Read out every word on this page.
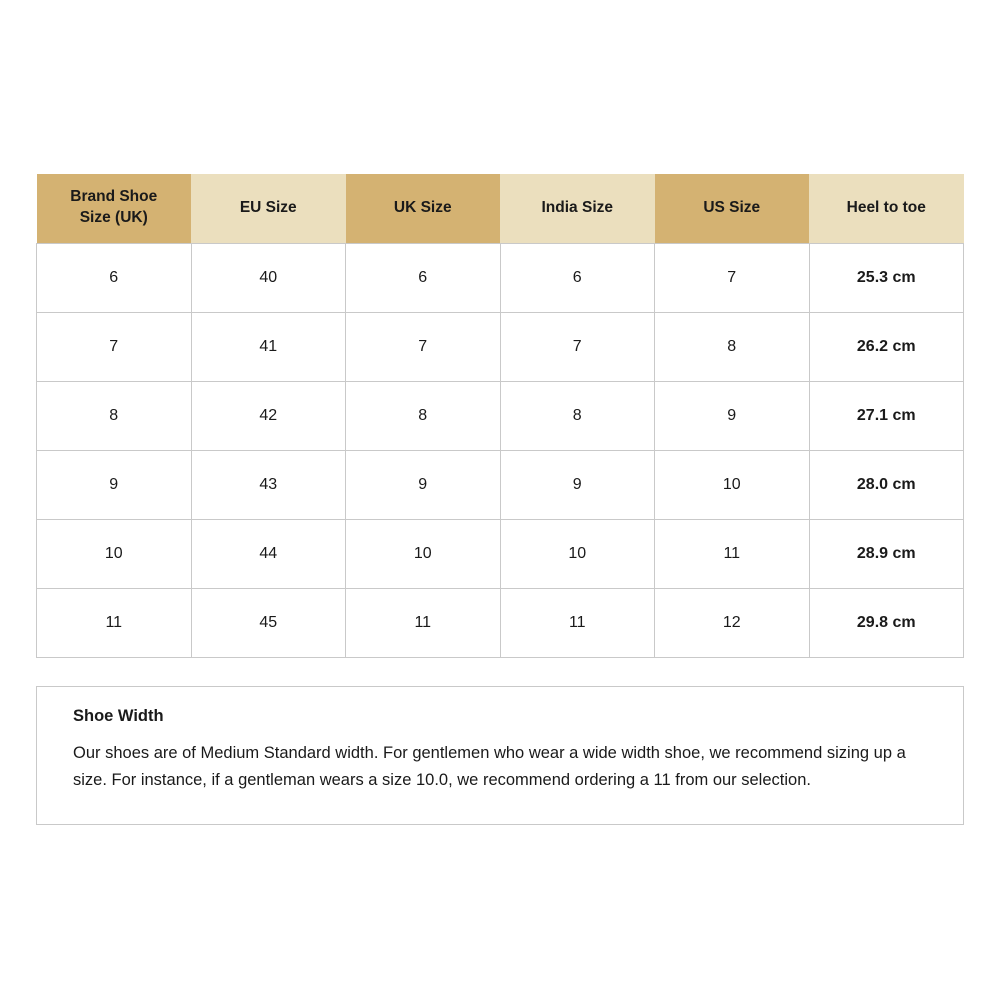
Brand Shoe Size (UK)	EU Size	UK Size	India Size	US Size	Heel to toe
6	40	6	6	7	25.3 cm
7	41	7	7	8	26.2 cm
8	42	8	8	9	27.1 cm
9	43	9	9	10	28.0 cm
10	44	10	10	11	28.9 cm
11	45	11	11	12	29.8 cm
Shoe Width

Our shoes are of Medium Standard width. For gentlemen who wear a wide width shoe, we recommend sizing up a size. For instance, if a gentleman wears a size 10.0, we recommend ordering a 11 from our selection.
